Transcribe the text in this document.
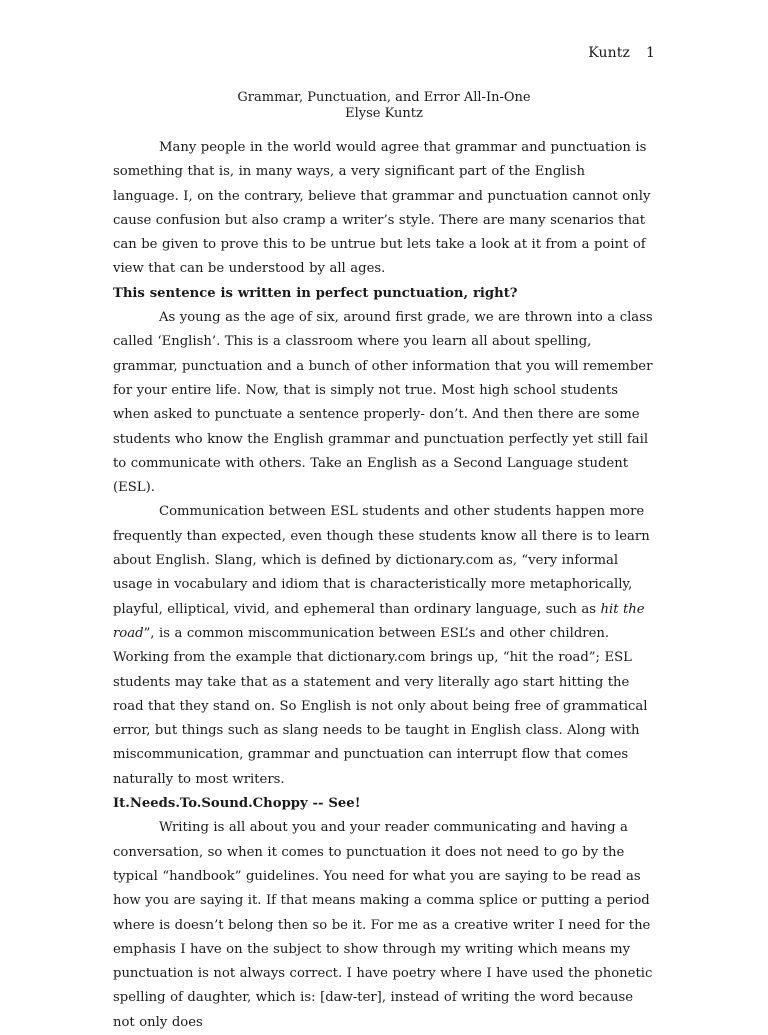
Kuntz 1
Grammar, Punctuation, and Error All-In-One
Elyse Kuntz

Many people in the world would agree that grammar and punctuation is something that is, in many ways, a very significant part of the English language. I, on the contrary, believe that grammar and punctuation cannot only cause confusion but also cramp a writer’s style. There are many scenarios that can be given to prove this to be untrue but lets take a look at it from a point of view that can be understood by all ages.

This sentence is written in perfect punctuation, right?

As young as the age of six, around first grade, we are thrown into a class called ‘English’. This is a classroom where you learn all about spelling, grammar, punctuation and a bunch of other information that you will remember for your entire life. Now, that is simply not true. Most high school students when asked to punctuate a sentence properly- don’t. And then there are some students who know the English grammar and punctuation perfectly yet still fail to communicate with others. Take an English as a Second Language student (ESL).

Communication between ESL students and other students happen more frequently than expected, even though these students know all there is to learn about English. Slang, which is defined by dictionary.com as, “very informal usage in vocabulary and idiom that is characteristically more metaphorically, playful, elliptical, vivid, and ephemeral than ordinary language, such as hit the road”, is a common miscommunication between ESL’s and other children. Working from the example that dictionary.com brings up, “hit the road”; ESL students may take that as a statement and very literally ago start hitting the road that they stand on. So English is not only about being free of grammatical error, but things such as slang needs to be taught in English class. Along with miscommunication, grammar and punctuation can interrupt flow that comes naturally to most writers.

It.Needs.To.Sound.Choppy -- See!

Writing is all about you and your reader communicating and having a conversation, so when it comes to punctuation it does not need to go by the typical “handbook” guidelines. You need for what you are saying to be read as how you are saying it. If that means making a comma splice or putting a period where is doesn’t belong then so be it. For me as a creative writer I need for the emphasis I have on the subject to show through my writing which means my punctuation is not always correct. I have poetry where I have used the phonetic spelling of daughter, which is: [daw-ter], instead of writing the word because not only does
